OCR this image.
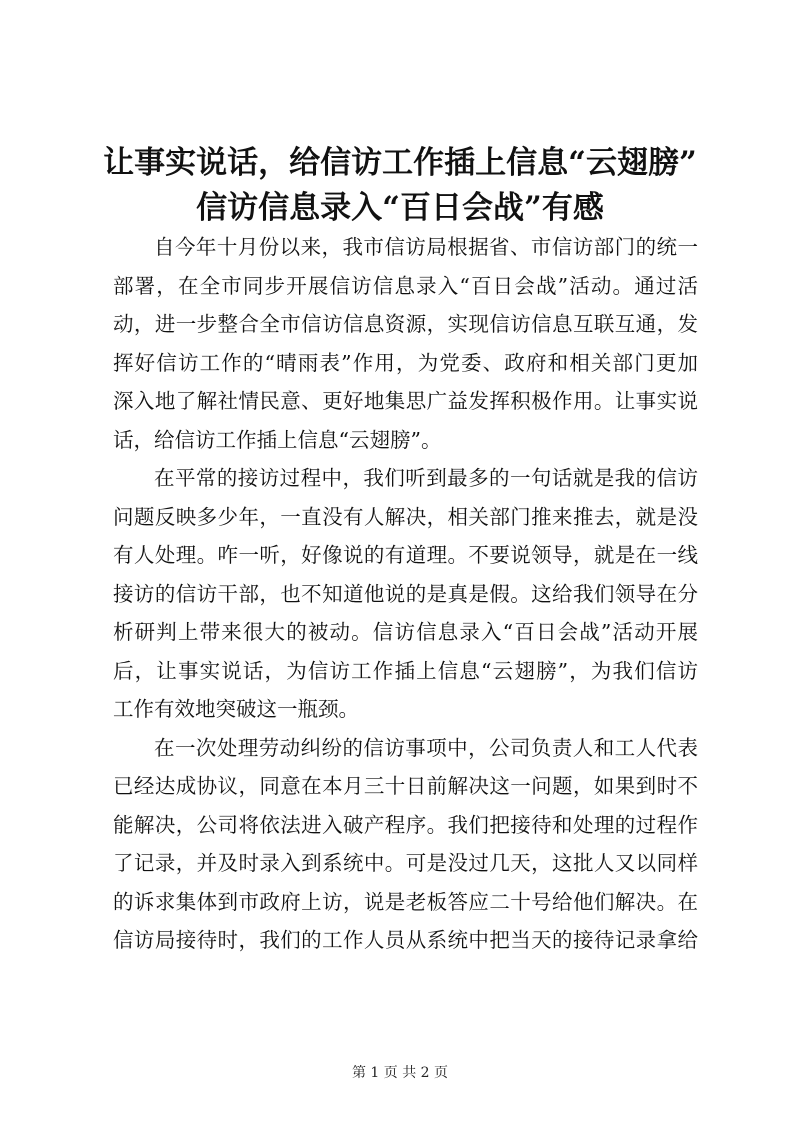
让事实说话，给信访工作插上信息“云翅膀”
信访信息录入“百日会战”有感
自今年十月份以来，我市信访局根据省、市信访部门的统一
部署，在全市同步开展信访信息录入“百日会战”活动。通过活
动，进一步整合全市信访信息资源，实现信访信息互联互通，发
挥好信访工作的“晴雨表”作用，为党委、政府和相关部门更加
深入地了解社情民意、更好地集思广益发挥积极作用。让事实说
话，给信访工作插上信息“云翅膀”。
在平常的接访过程中，我们听到最多的一句话就是我的信访
问题反映多少年，一直没有人解决，相关部门推来推去，就是没
有人处理。咋一听，好像说的有道理。不要说领导，就是在一线
接访的信访干部，也不知道他说的是真是假。这给我们领导在分
析研判上带来很大的被动。信访信息录入“百日会战”活动开展
后，让事实说话，为信访工作插上信息“云翅膀”，为我们信访
工作有效地突破这一瓶颈。
在一次处理劳动纠纷的信访事项中，公司负责人和工人代表
已经达成协议，同意在本月三十日前解决这一问题，如果到时不
能解决，公司将依法进入破产程序。我们把接待和处理的过程作
了记录，并及时录入到系统中。可是没过几天，这批人又以同样
的诉求集体到市政府上访，说是老板答应二十号给他们解决。在
信访局接待时，我们的工作人员从系统中把当天的接待记录拿给
第 1 页 共 2 页
